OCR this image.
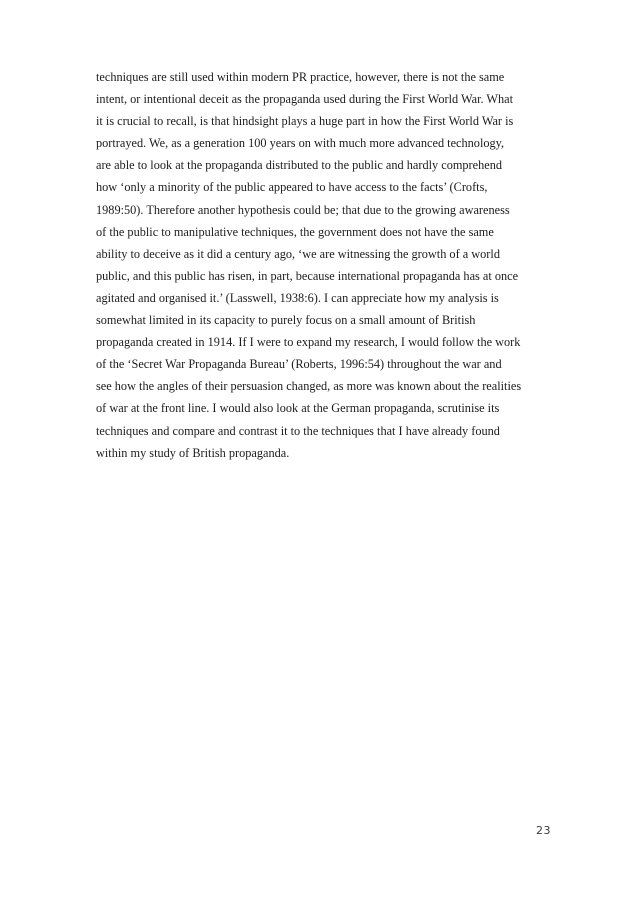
techniques are still used within modern PR practice, however, there is not the same
intent, or intentional deceit as the propaganda used during the First World War. What
it is crucial to recall, is that hindsight plays a huge part in how the First World War is
portrayed. We, as a generation 100 years on with much more advanced technology,
are able to look at the propaganda distributed to the public and hardly comprehend
how ‘only a minority of the public appeared to have access to the facts’ (Crofts,
1989:50). Therefore another hypothesis could be; that due to the growing awareness
of the public to manipulative techniques, the government does not have the same
ability to deceive as it did a century ago, ‘we are witnessing the growth of a world
public, and this public has risen, in part, because international propaganda has at once
agitated and organised it.’ (Lasswell, 1938:6). I can appreciate how my analysis is
somewhat limited in its capacity to purely focus on a small amount of British
propaganda created in 1914. If I were to expand my research, I would follow the work
of the ‘Secret War Propaganda Bureau’ (Roberts, 1996:54) throughout the war and
see how the angles of their persuasion changed, as more was known about the realities
of war at the front line. I would also look at the German propaganda, scrutinise its
techniques and compare and contrast it to the techniques that I have already found
within my study of British propaganda.
23
